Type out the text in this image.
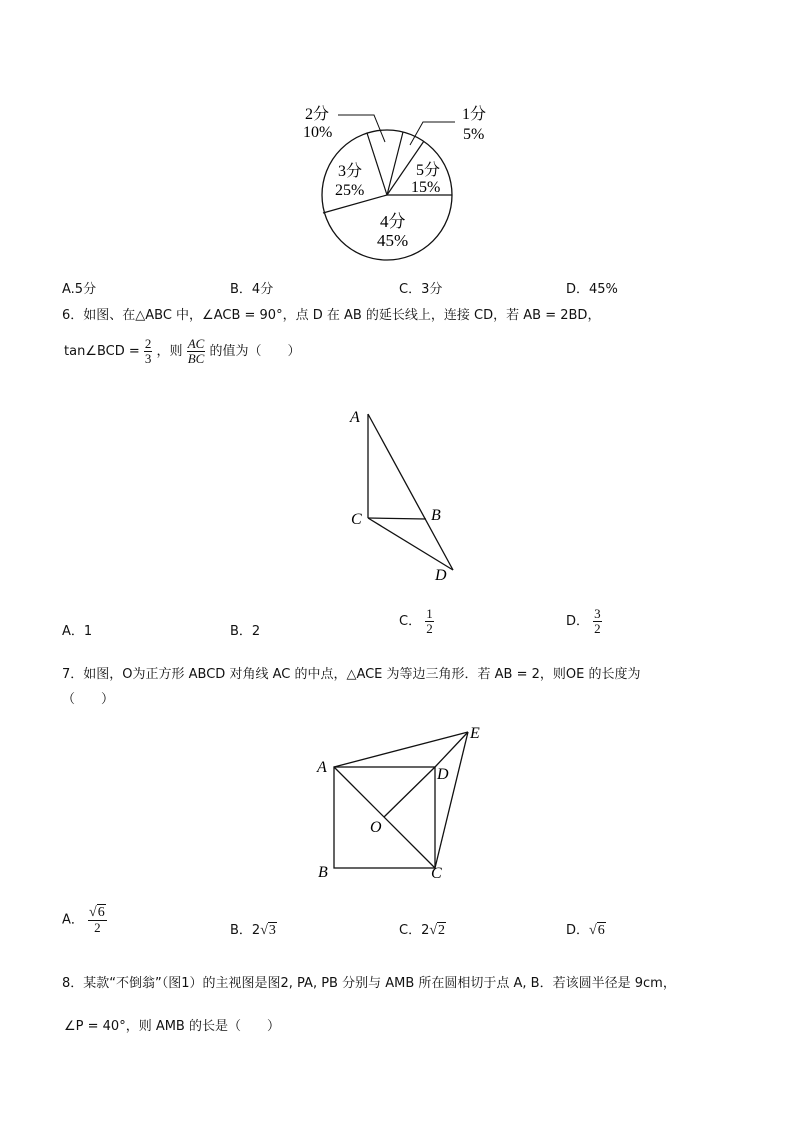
2分
10%
1分
5%
5分
15%
4分
45%
3分
25%
A.5分	B．4分	C．3分	D．45%
6．如图、在△ABC 中，∠ACB = 90°，点 D 在 AB 的延长线上，连接 CD，若 AB = 2BD，
tan∠BCD = $\frac{2}{3}$ ，则 $\frac{AC}{BC}$ 的值为（　　）
A
C	B
D
A．1	B．2
C． $\frac{1}{2}$	D． $\frac{3}{2}$
7．如图，O为正方形 ABCD 对角线 AC 的中点，△ACE 为等边三角形．若 AB = 2，则OE 的长度为
（　　）
A	D
E
O
B	C
A． $\frac{√6}{2}$	B．2√3	C．2√2	D．√6
8．某款“不倒翁”（图1）的主视图是图2, PA, PB 分别与 AMB 所在圆相切于点 A, B．若该圆半径是 9cm，
∠P = 40°，则 AMB 的长是（　　）
